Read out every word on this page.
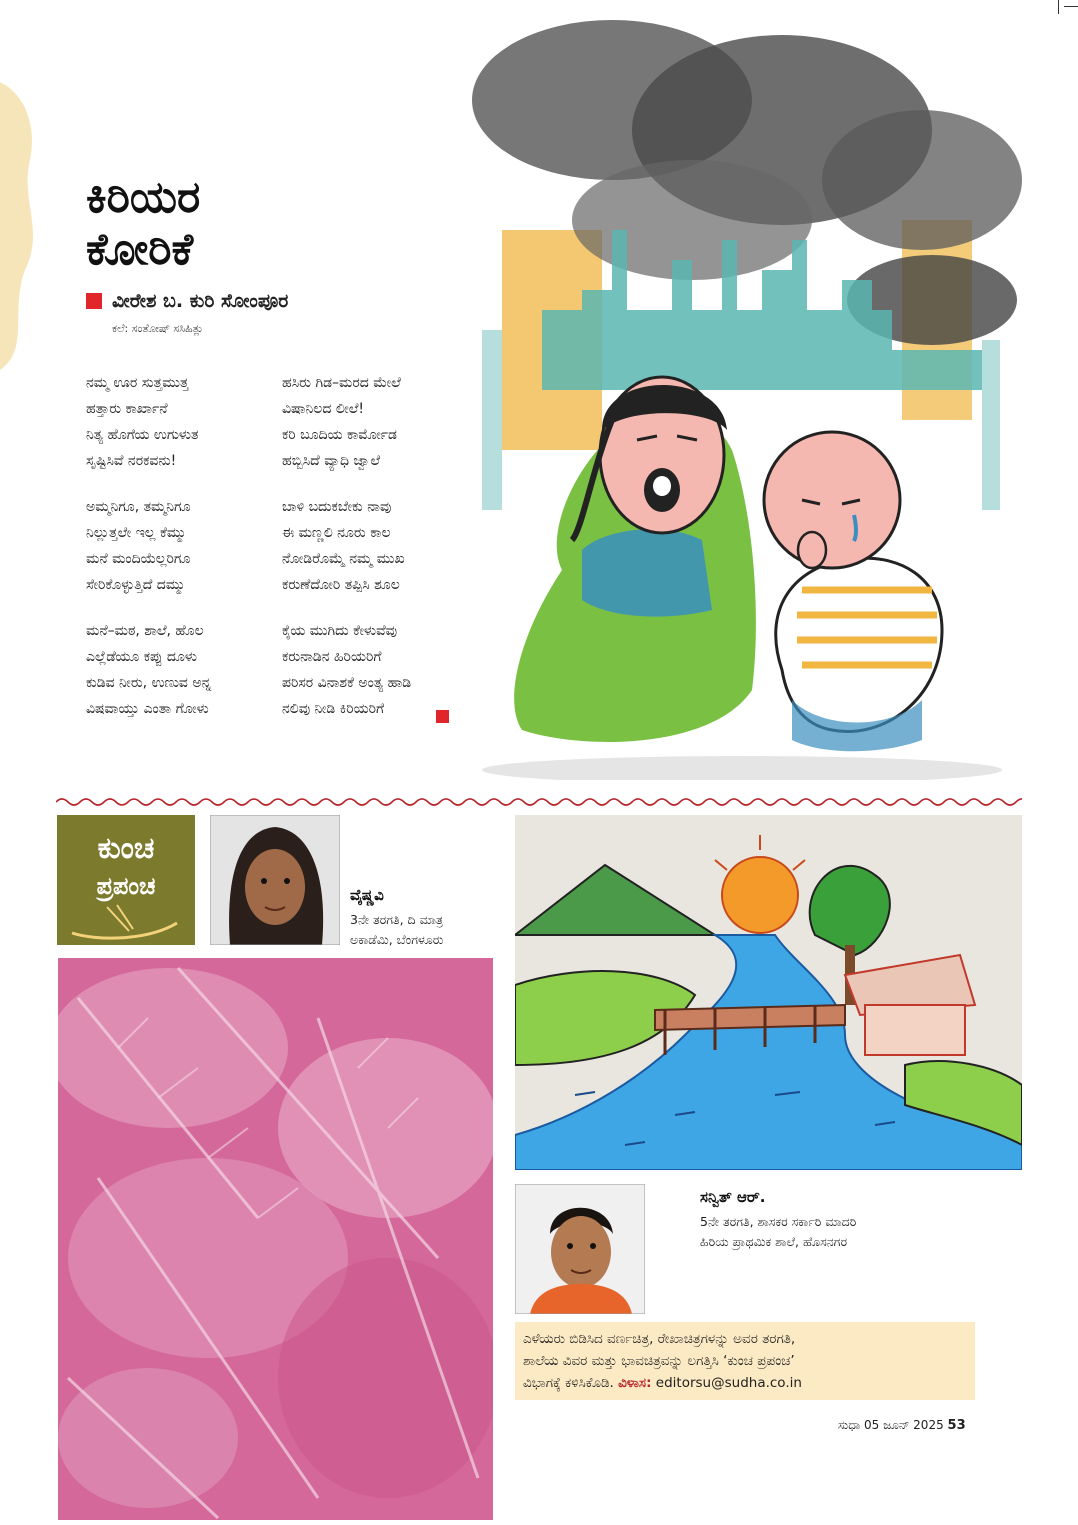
ಕಿರಿಯರ
ಕೋರಿಕೆ
ವೀರೇಶ ಬ. ಕುರಿ ಸೋಂಪೂರ
ಕಲೆ: ಸಂತೋಷ್ ಸಸಿಹಿತ್ಲು
ನಮ್ಮ ಊರ ಸುತ್ತಮುತ್ತ
ಹತ್ತಾರು ಕಾರ್ಖಾನೆ
ನಿತ್ಯ ಹೊಗೆಯ ಉಗುಳುತ
ಸೃಷ್ಟಿಸಿವೆ ನರಕವನು!
ಅಮ್ಮನಿಗೂ, ತಮ್ಮನಿಗೂ
ನಿಲ್ಲುತ್ತಲೇ ಇಲ್ಲ ಕೆಮ್ಮು
ಮನೆ ಮಂದಿಯೆಲ್ಲರಿಗೂ
ಸೇರಿಕೊಳ್ಳುತ್ತಿದೆ ದಮ್ಮು
ಮನೆ–ಮಠ, ಶಾಲೆ, ಹೊಲ
ಎಲ್ಲೆಡೆಯೂ ಕಪ್ಪು ದೂಳು
ಕುಡಿವ ನೀರು, ಉಣುವ ಅನ್ನ
ವಿಷವಾಯ್ತು ಎಂತಾ ಗೋಳು
ಹಸಿರು ಗಿಡ–ಮರದ ಮೇಲೆ
ವಿಷಾನಿಲದ ಲೀಲೆ!
ಕರಿ ಬೂದಿಯ ಕಾರ್ಮೋಡ
ಹಬ್ಬಿಸಿದೆ ವ್ಯಾಧಿ ಜ್ವಾಲೆ
ಬಾಳಿ ಬದುಕಬೇಕು ನಾವು
ಈ ಮಣ್ಣಲಿ ನೂರು ಕಾಲ
ನೋಡಿರೊಮ್ಮೆ ನಮ್ಮ ಮುಖ
ಕರುಣೆದೋರಿ ತಪ್ಪಿಸಿ ಶೂಲ
ಕೈಯ ಮುಗಿದು ಕೇಳುವೆವು
ಕರುನಾಡಿನ ಹಿರಿಯರಿಗೆ
ಪರಿಸರ ವಿನಾಶಕೆ ಅಂತ್ಯ ಹಾಡಿ
ನಲಿವು ನೀಡಿ ಕಿರಿಯರಿಗೆ
ಕುಂಚ
ಪ್ರಪಂಚ	ವೈಷ್ಣವಿ
3ನೇ ತರಗತಿ, ದಿ ಮಾತ್ರ
ಅಕಾಡೆಮಿ, ಬೆಂಗಳೂರು
ಸನ್ವಿತ್ ಆರ್.
5ನೇ ತರಗತಿ, ಶಾಸಕರ ಸರ್ಕಾರಿ ಮಾದರಿ
ಹಿರಿಯ ಪ್ರಾಥಮಿಕ ಶಾಲೆ, ಹೊಸನಗರ
ಎಳೆಯರು ಬಿಡಿಸಿದ ವರ್ಣಚಿತ್ರ, ರೇಖಾಚಿತ್ರಗಳನ್ನು ಅವರ ತರಗತಿ,
ಶಾಲೆಯ ವಿವರ ಮತ್ತು ಭಾವಚಿತ್ರವನ್ನು ಲಗತ್ತಿಸಿ ‘ಕುಂಚ ಪ್ರಪಂಚ’
ವಿಭಾಗಕ್ಕೆ ಕಳಿಸಿಕೊಡಿ. ವಿಳಾಸ: editorsu@sudha.co.in
ಸುಧಾ 05 ಜೂನ್ 2025 53
